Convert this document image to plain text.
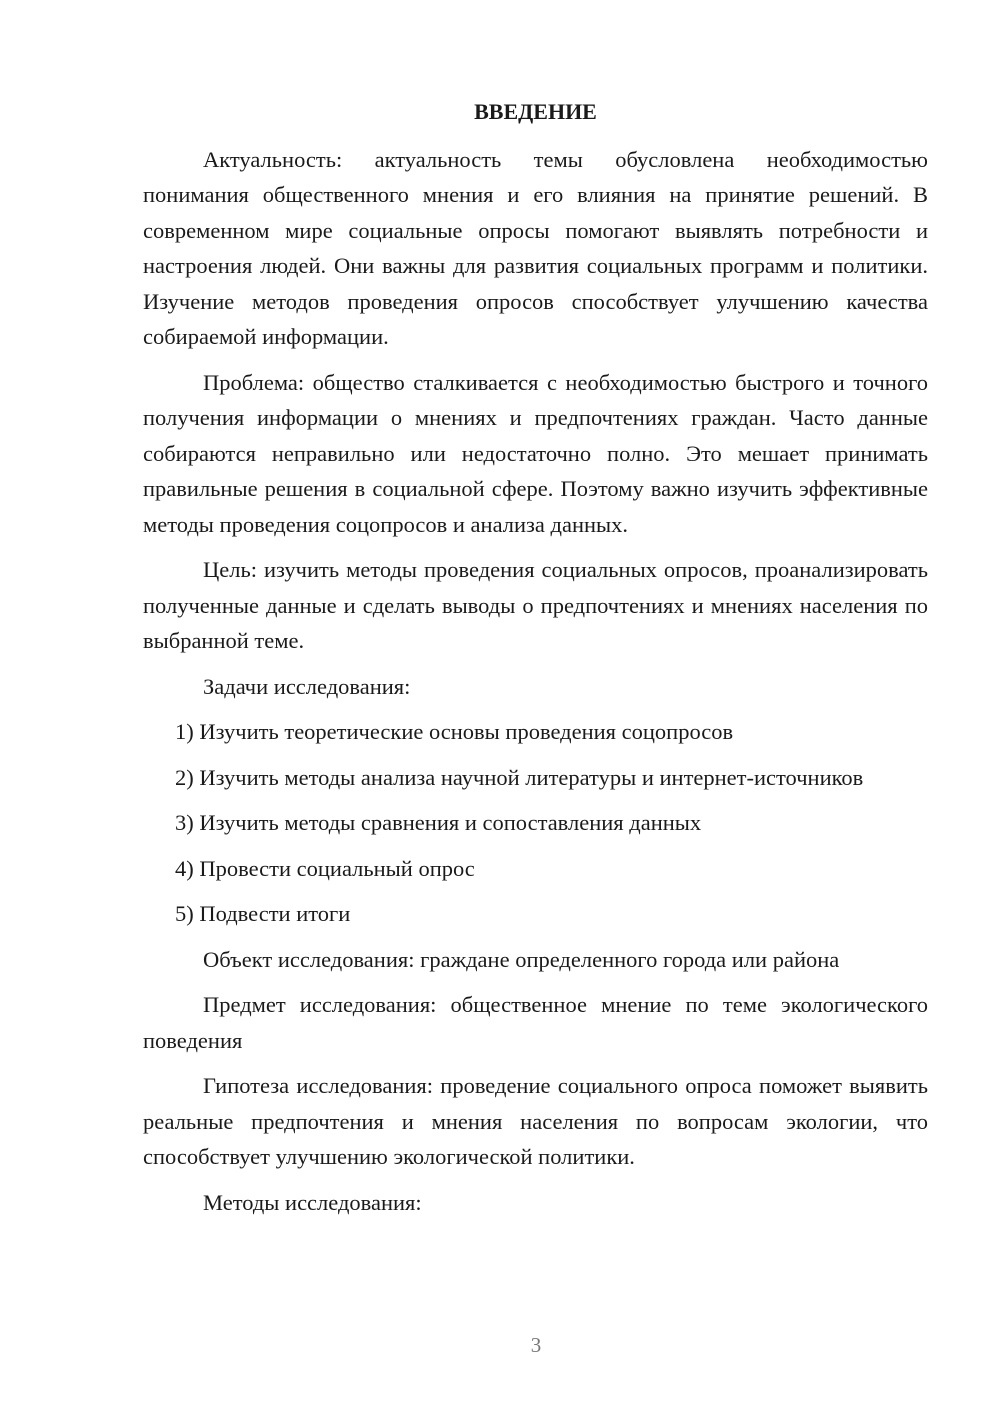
ВВЕДЕНИЕ

Актуальность: актуальность темы обусловлена необходимостью понимания общественного мнения и его влияния на принятие решений. В современном мире социальные опросы помогают выявлять потребности и настроения людей. Они важны для развития социальных программ и политики. Изучение методов проведения опросов способствует улучшению качества собираемой информации.

Проблема: общество сталкивается с необходимостью быстрого и точного получения информации о мнениях и предпочтениях граждан. Часто данные собираются неправильно или недостаточно полно. Это мешает принимать правильные решения в социальной сфере. Поэтому важно изучить эффективные методы проведения соцопросов и анализа данных.

Цель: изучить методы проведения социальных опросов, проанализировать полученные данные и сделать выводы о предпочтениях и мнениях населения по выбранной теме.

Задачи исследования:

1) Изучить теоретические основы проведения соцопросов

2) Изучить методы анализа научной литературы и интернет-источников

3) Изучить методы сравнения и сопоставления данных

4) Провести социальный опрос

5) Подвести итоги

Объект исследования: граждане определенного города или района

Предмет исследования: общественное мнение по теме экологического поведения

Гипотеза исследования: проведение социального опроса поможет выявить реальные предпочтения и мнения населения по вопросам экологии, что способствует улучшению экологической политики.

Методы исследования:

3
